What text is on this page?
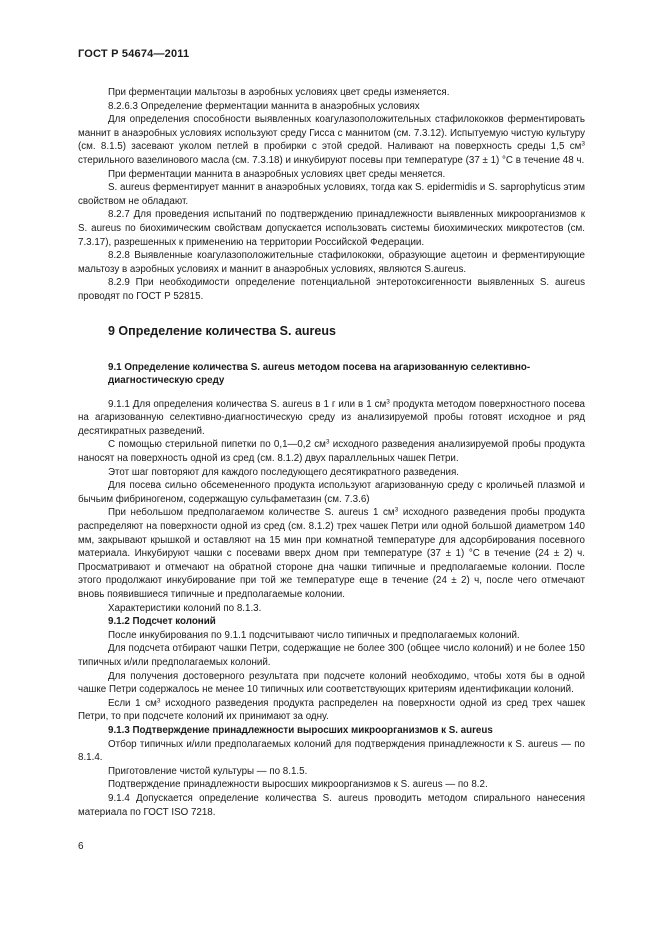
ГОСТ Р 54674—2011

При ферментации мальтозы в аэробных условиях цвет среды изменяется.

8.2.6.3 Определение ферментации маннита в анаэробных условиях

Для определения способности выявленных коагулазоположительных стафилококков ферментировать маннит в анаэробных условиях используют среду Гисса с маннитом (см. 7.3.12). Испытуемую чистую культуру (см. 8.1.5) засевают уколом петлей в пробирки с этой средой. Наливают на поверхность среды 1,5 $см^3$ стерильного вазелинового масла (см. 7.3.18) и инкубируют посевы при температуре (37 ± 1) °С в течение 48 ч.

При ферментации маннита в анаэробных условиях цвет среды меняется.

S. aureus ферментирует маннит в анаэробных условиях, тогда как S. epidermidis и S. saprophyticus этим свойством не обладают.

8.2.7 Для проведения испытаний по подтверждению принадлежности выявленных микроорганизмов к S. aureus по биохимическим свойствам допускается использовать системы биохимических микротестов (см. 7.3.17), разрешенных к применению на территории Российской Федерации.

8.2.8 Выявленные коагулазоположительные стафилококки, образующие ацетоин и ферментирующие мальтозу в аэробных условиях и маннит в анаэробных условиях, являются S.aureus.

8.2.9 При необходимости определение потенциальной энтеротоксигенности выявленных S. aureus проводят по ГОСТ Р 52815.

9 Определение количества S. aureus
9.1 Определение количества S. aureus методом посева на агаризованную селективно-диагностическую среду

9.1.1 Для определения количества S. aureus в 1 г или в 1 $см^3$ продукта методом поверхностного посева на агаризованную селективно-диагностическую среду из анализируемой пробы готовят исходное и ряд десятикратных разведений.

С помощью стерильной пипетки по 0,1—0,2 $см^3$ исходного разведения анализируемой пробы продукта наносят на поверхность одной из сред (см. 8.1.2) двух параллельных чашек Петри.

Этот шаг повторяют для каждого последующего десятикратного разведения.

Для посева сильно обсемененного продукта используют агаризованную среду с кроличьей плазмой и бычьим фибриногеном, содержащую сульфаметазин (см. 7.3.6)

При небольшом предполагаемом количестве S. aureus 1 $см^3$ исходного разведения пробы продукта распределяют на поверхности одной из сред (см. 8.1.2) трех чашек Петри или одной большой диаметром 140 мм, закрывают крышкой и оставляют на 15 мин при комнатной температуре для адсорбирования посевного материала. Инкубируют чашки с посевами вверх дном при температуре (37 ± 1) °С в течение (24 ± 2) ч. Просматривают и отмечают на обратной стороне дна чашки типичные и предполагаемые колонии. После этого продолжают инкубирование при той же температуре еще в течение (24 ± 2) ч, после чего отмечают вновь появившиеся типичные и предполагаемые колонии.

Характеристики колоний по 8.1.3.

9.1.2 Подсчет колоний

После инкубирования по 9.1.1 подсчитывают число типичных и предполагаемых колоний.

Для подсчета отбирают чашки Петри, содержащие не более 300 (общее число колоний) и не более 150 типичных и/или предполагаемых колоний.

Для получения достоверного результата при подсчете колоний необходимо, чтобы хотя бы в одной чашке Петри содержалось не менее 10 типичных или соответствующих критериям идентификации колоний.

Если 1 $см^3$ исходного разведения продукта распределен на поверхности одной из сред трех чашек Петри, то при подсчете колоний их принимают за одну.

9.1.3 Подтверждение принадлежности выросших микроорганизмов к S. aureus

Отбор типичных и/или предполагаемых колоний для подтверждения принадлежности к S. aureus — по 8.1.4.

Приготовление чистой культуры — по 8.1.5.

Подтверждение принадлежности выросших микроорганизмов к S. aureus — по 8.2.

9.1.4 Допускается определение количества S. aureus проводить методом спирального нанесения материала по ГОСТ ISO 7218.

6
